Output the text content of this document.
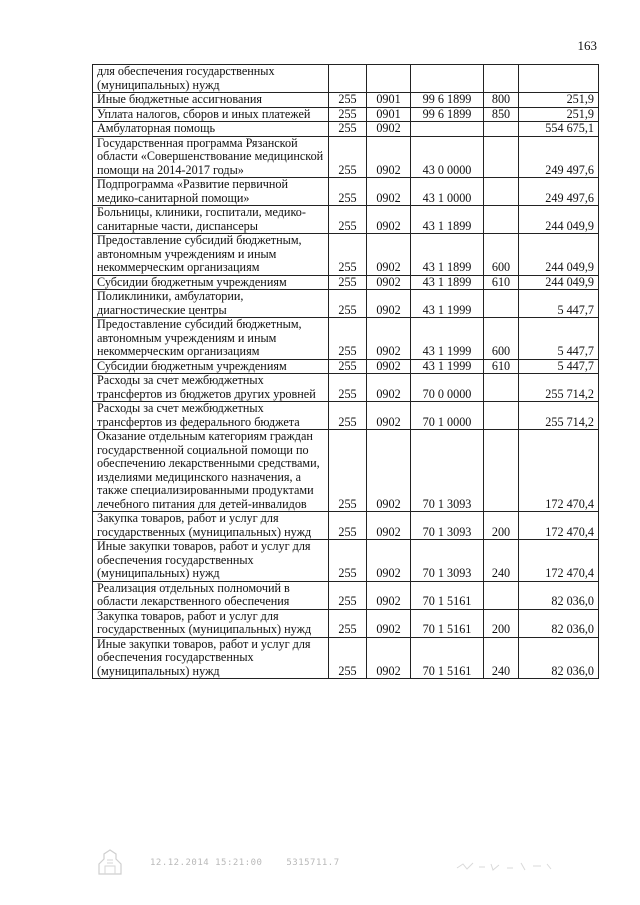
163
для обеспечения государственных (муниципальных) нужд					
Иные бюджетные ассигнования	255	0901	99 6 1899	800	251,9
Уплата налогов, сборов и иных платежей	255	0901	99 6 1899	850	251,9
Амбулаторная помощь	255	0902			554 675,1
Государственная программа Рязанской области «Совершенствование медицинской помощи на 2014-2017 годы»	255	0902	43 0 0000		249 497,6
Подпрограмма «Развитие первичной медико-санитарной помощи»	255	0902	43 1 0000		249 497,6
Больницы, клиники, госпитали, медико-санитарные части, диспансеры	255	0902	43 1 1899		244 049,9
Предоставление субсидий бюджетным, автономным учреждениям и иным некоммерческим организациям	255	0902	43 1 1899	600	244 049,9
Субсидии бюджетным учреждениям	255	0902	43 1 1899	610	244 049,9
Поликлиники, амбулатории, диагностические центры	255	0902	43 1 1999		5 447,7
Предоставление субсидий бюджетным, автономным учреждениям и иным некоммерческим организациям	255	0902	43 1 1999	600	5 447,7
Субсидии бюджетным учреждениям	255	0902	43 1 1999	610	5 447,7
Расходы за счет межбюджетных трансфертов из бюджетов других уровней	255	0902	70 0 0000		255 714,2
Расходы за счет межбюджетных трансфертов из федерального бюджета	255	0902	70 1 0000		255 714,2
Оказание отдельным категориям граждан государственной социальной помощи по обеспечению лекарственными средствами, изделиями медицинского назначения, а также специализированными продуктами лечебного питания для детей-инвалидов	255	0902	70 1 3093		172 470,4
Закупка товаров, работ и услуг для государственных (муниципальных) нужд	255	0902	70 1 3093	200	172 470,4
Иные закупки товаров, работ и услуг для обеспечения государственных (муниципальных) нужд	255	0902	70 1 3093	240	172 470,4
Реализация отдельных полномочий в области лекарственного обеспечения	255	0902	70 1 5161		82 036,0
Закупка товаров, работ и услуг для государственных (муниципальных) нужд	255	0902	70 1 5161	200	82 036,0
Иные закупки товаров, работ и услуг для обеспечения государственных (муниципальных) нужд	255	0902	70 1 5161	240	82 036,0
12.12.2014 15:21:00	5315711.7
